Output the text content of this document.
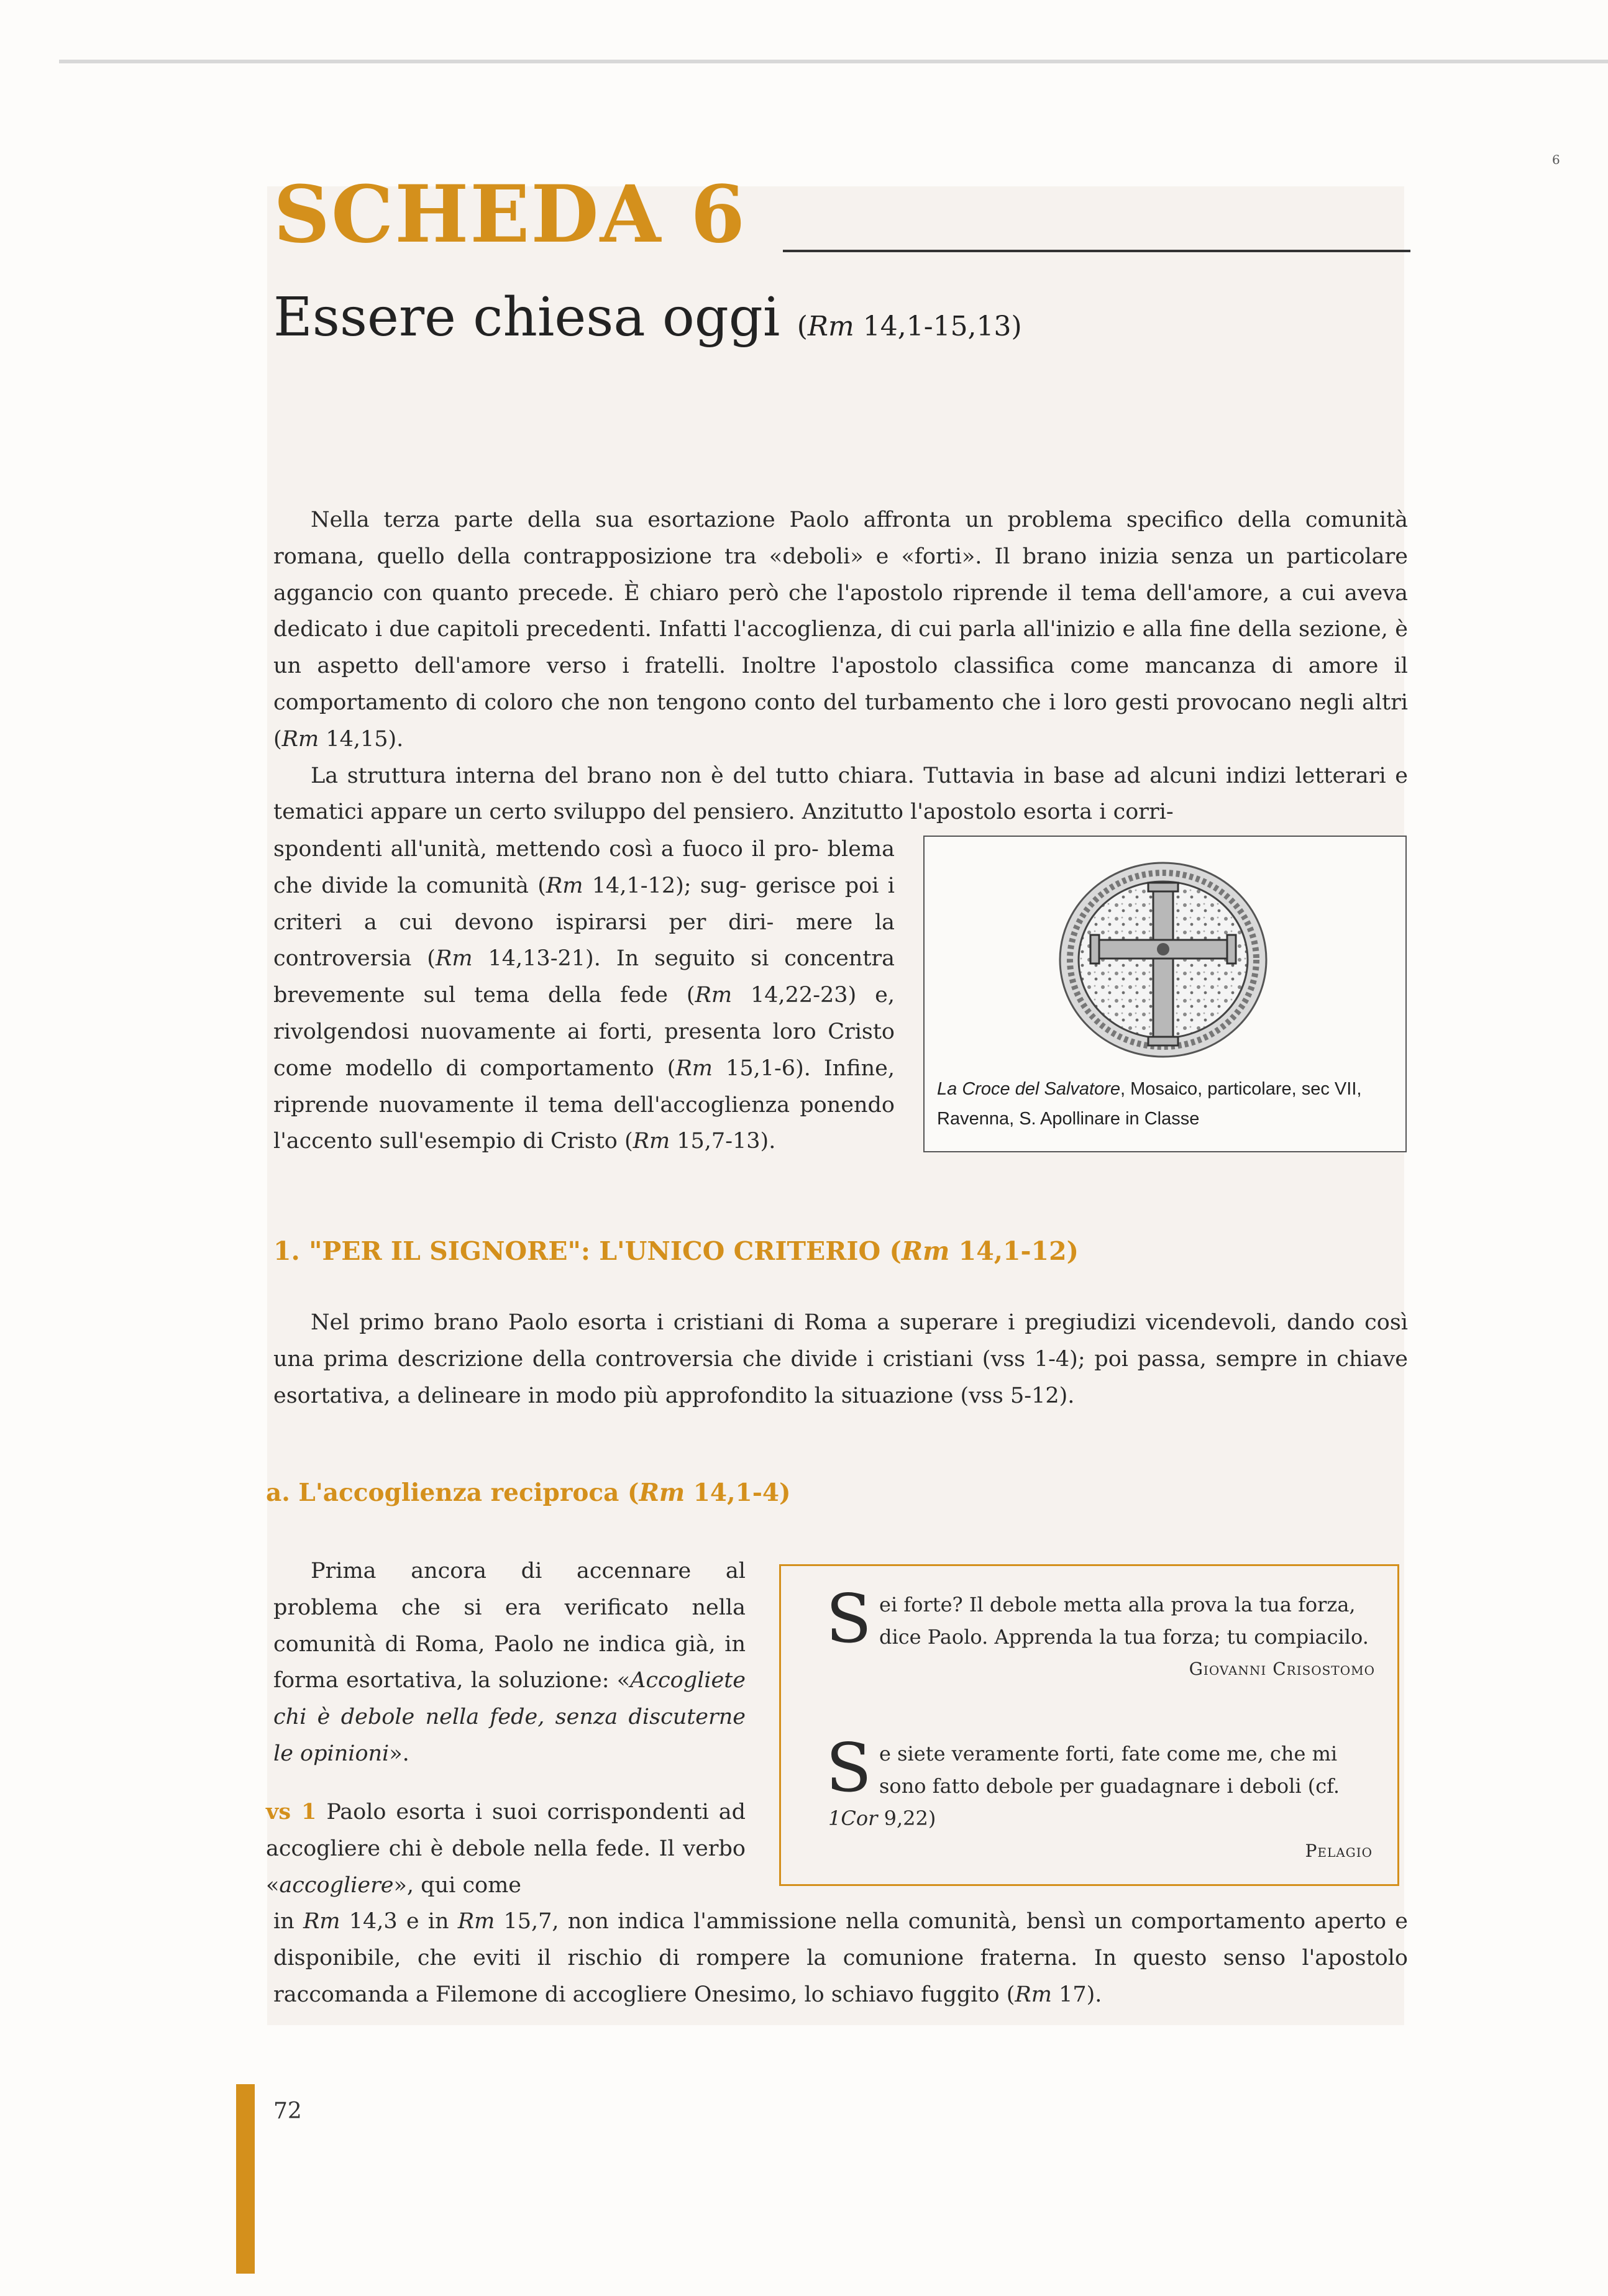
6
SCHEDA 6
Essere chiesa oggi (Rm 14,1-15,13)

Nella terza parte della sua esortazione Paolo affronta un problema specifico della comunità romana, quello della contrapposizione tra «deboli» e «forti». Il brano inizia senza un particolare aggancio con quanto precede. È chiaro però che l'apostolo riprende il tema dell'amore, a cui aveva dedicato i due capitoli precedenti. Infatti l'accoglienza, di cui parla all'inizio e alla fine della sezione, è un aspetto dell'amore verso i fratelli. Inoltre l'apostolo classifica come mancanza di amore il comportamento di coloro che non tengono conto del turbamento che i loro gesti provocano negli altri (Rm 14,15).

La struttura interna del brano non è del tutto chiara. Tuttavia in base ad alcuni indizi letterari e tematici appare un certo sviluppo del pensiero. Anzitutto l'apostolo esorta i corri-

spondenti all'unità, mettendo così a fuoco il pro- blema che divide la comunità (Rm 14,1-12); sug- gerisce poi i criteri a cui devono ispirarsi per diri- mere la controversia (Rm 14,13-21). In seguito si concentra brevemente sul tema della fede (Rm 14,22-23) e, rivolgendosi nuovamente ai forti, presenta loro Cristo come modello di comportamento (Rm 15,1-6). Infine, riprende nuovamente il tema dell'accoglienza ponendo l'accento sull'esempio di Cristo (Rm 15,7-13).

La Croce del Salvatore, Mosaico, particolare, sec VII, Ravenna, S. Apollinare in Classe
1. "PER IL SIGNORE": L'UNICO CRITERIO (Rm 14,1-12)

Nel primo brano Paolo esorta i cristiani di Roma a superare i pregiudizi vicendevoli, dando così una prima descrizione della controversia che divide i cristiani (vss 1-4); poi passa, sempre in chiave esortativa, a delineare in modo più approfondito la situazione (vss 5-12).

a. L'accoglienza reciproca (Rm 14,1-4)

Prima ancora di accennare al problema che si era verificato nella comunità di Roma, Paolo ne indica già, in forma esortativa, la soluzione: «Accogliete chi è debole nella fede, senza discuterne le opinioni».

vs 1 Paolo esorta i suoi corrispondenti ad accogliere chi è debole nella fede. Il verbo «accogliere», qui come

in Rm 14,3 e in Rm 15,7, non indica l'ammissione nella comunità, bensì un comportamento aperto e disponibile, che eviti il rischio di rompere la comunione fraterna. In questo senso l'apostolo raccomanda a Filemone di accogliere Onesimo, lo schiavo fuggito (Rm 17).

Sei forte? Il debole metta alla prova la tua forza, dice Paolo. Apprenda la tua forza; tu compiacilo.
Giovanni Crisostomo

Se siete veramente forti, fate come me, che mi sono fatto debole per guadagnare i deboli (cf. 1Cor 9,22)

Pelagio
72
